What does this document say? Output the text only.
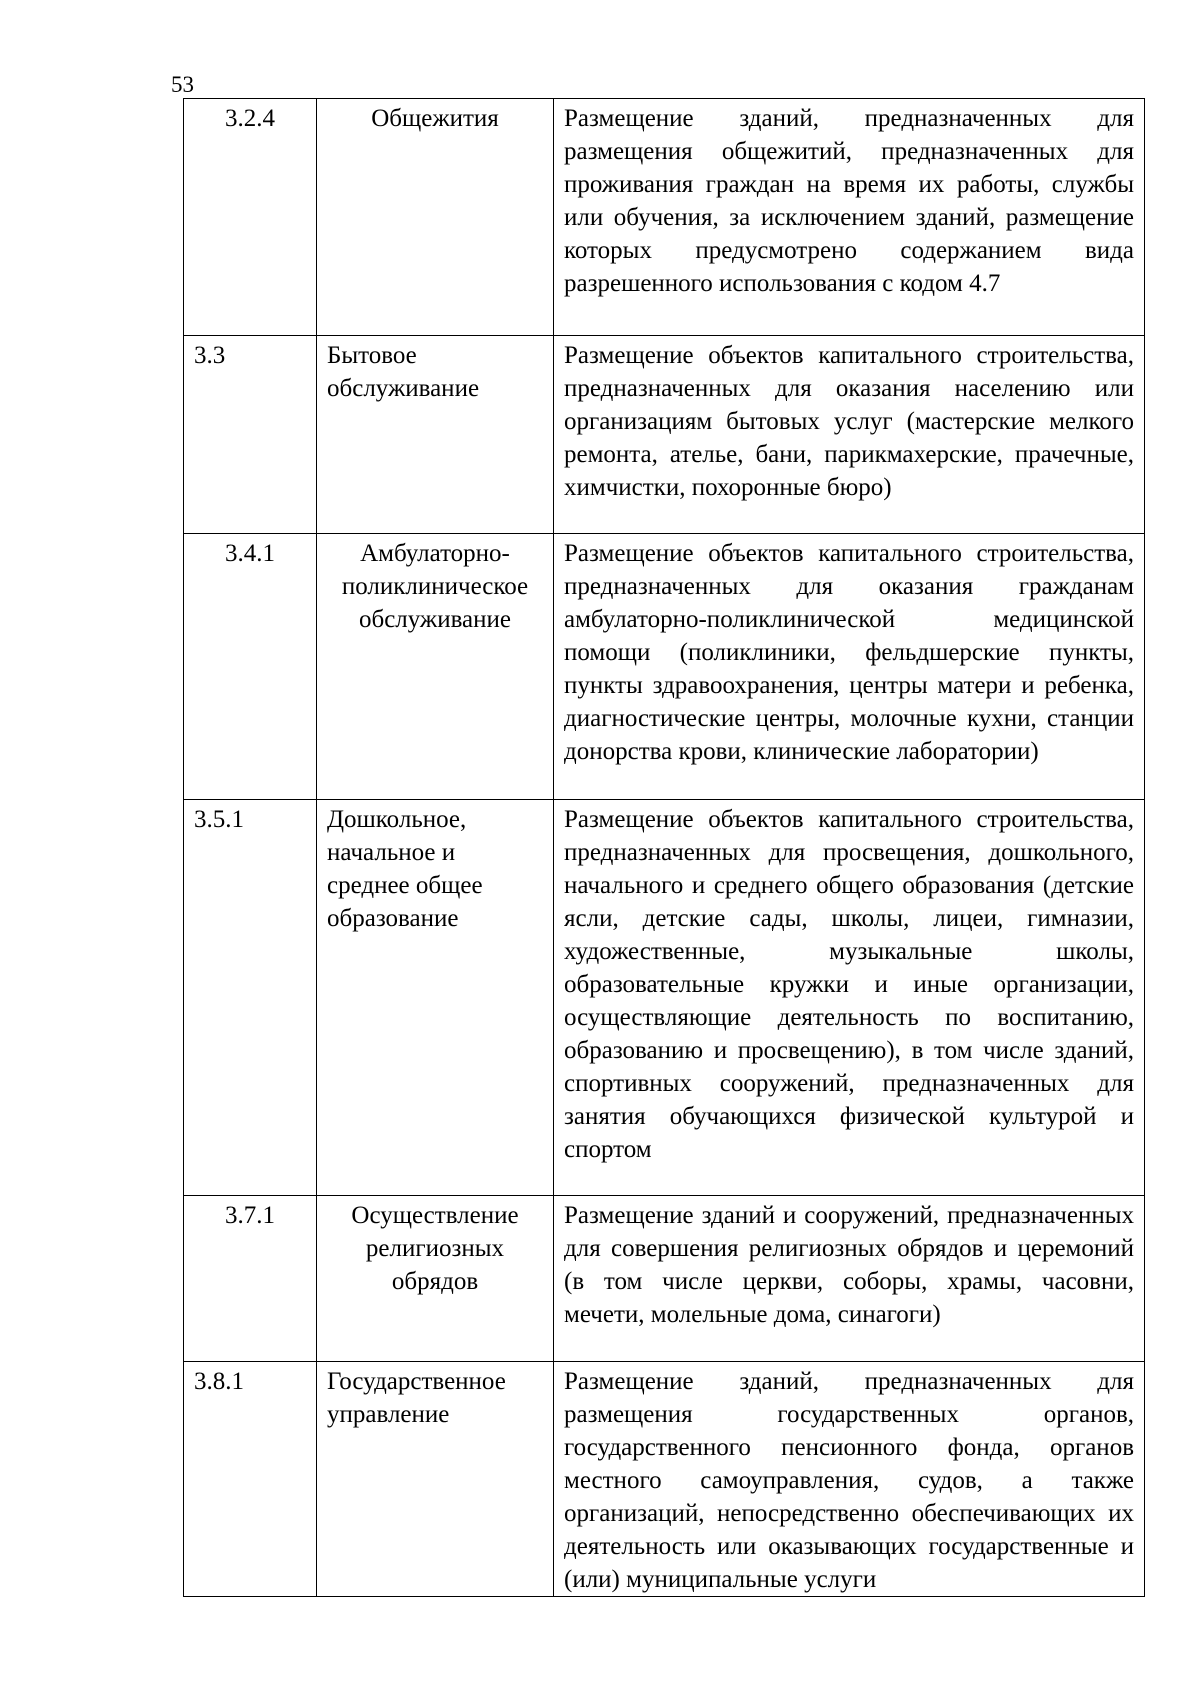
53
3.2.4	Общежития	Размещение зданий, предназначенных для размещения общежитий, предназначенных для проживания граждан на время их работы, службы или обучения, за исключением зданий, размещение которых предусмотрено содержанием вида разрешенного использования с кодом 4.7
3.3	Бытовое обслуживание	Размещение объектов капитального строительства, предназначенных для оказания населению или организациям бытовых услуг (мастерские мелкого ремонта, ателье, бани, парикмахерские, прачечные, химчистки, похоронные бюро)
3.4.1	Амбулаторно-поликлиническое обслуживание	Размещение объектов капитального строительства, предназначенных для оказания гражданам амбулаторно-поликлинической медицинской помощи (поликлиники, фельдшерские пункты, пункты здравоохранения, центры матери и ребенка, диагностические центры, молочные кухни, станции донорства крови, клинические лаборатории)
3.5.1	Дошкольное, начальное и среднее общее образование	Размещение объектов капитального строительства, предназначенных для просвещения, дошкольного, начального и среднего общего образования (детские ясли, детские сады, школы, лицеи, гимназии, художественные, музыкальные школы, образовательные кружки и иные организации, осуществляющие деятельность по воспитанию, образованию и просвещению), в том числе зданий, спортивных сооружений, предназначенных для занятия обучающихся физической культурой и спортом
3.7.1	Осуществление религиозных обрядов	Размещение зданий и сооружений, предназначенных для совершения религиозных обрядов и церемоний (в том числе церкви, соборы, храмы, часовни, мечети, молельные дома, синагоги)
3.8.1	Государственное управление	Размещение зданий, предназначенных для размещения государственных органов, государственного пенсионного фонда, органов местного самоуправления, судов, а также организаций, непосредственно обеспечивающих их деятельность или оказывающих государственные и (или) муниципальные услуги
